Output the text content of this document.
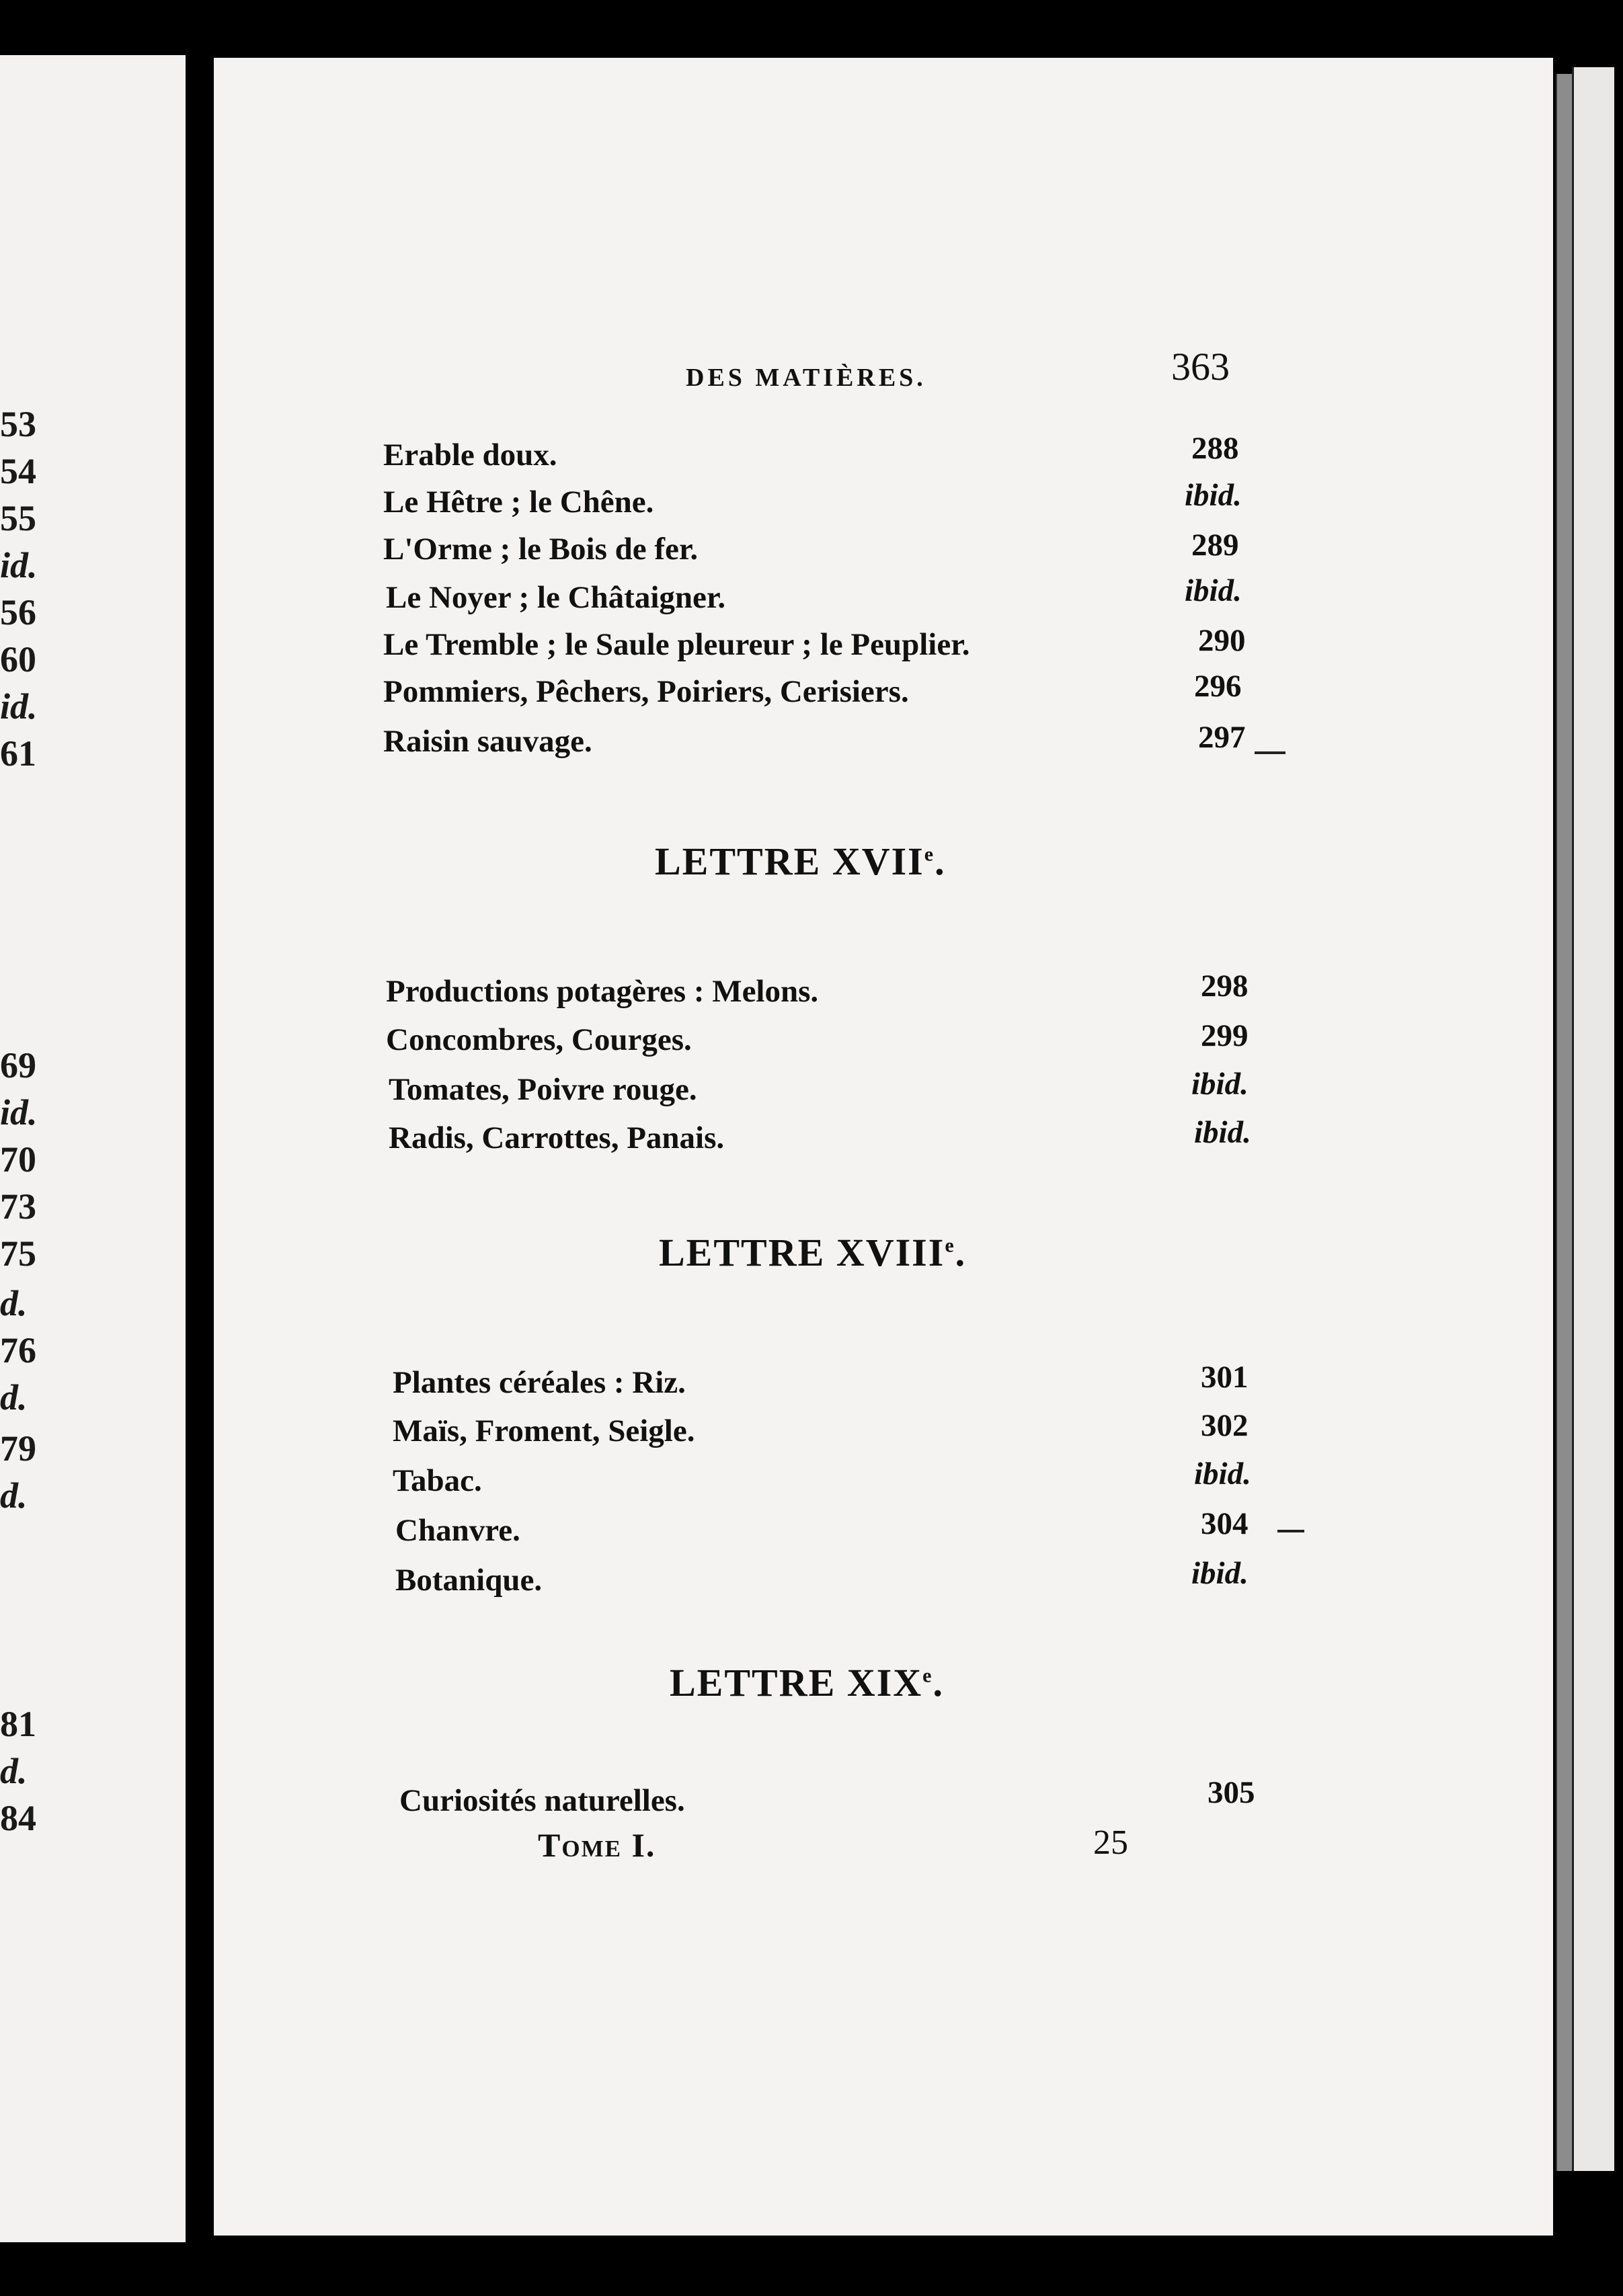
53
54
55
id.
56
60
id.
61
69
id.
70
73
75
d.
76
d.
79
d.
81
d.
84
DES MATIÈRES.	363
Erable doux.	288
Le Hêtre ; le Chêne.	ibid.
L'Orme ; le Bois de fer.	289
Le Noyer ; le Châtaigner.	ibid.
Le Tremble ; le Saule pleureur ; le Peuplier.	290
Pommiers, Pêchers, Poiriers, Cerisiers.	296
Raisin sauvage.	297
LETTRE XVIIe.
Productions potagères : Melons.	298
Concombres, Courges.	299
Tomates, Poivre rouge.	ibid.
Radis, Carrottes, Panais.	ibid.
LETTRE XVIIIe.
Plantes céréales : Riz.	301
Maïs, Froment, Seigle.	302
Tabac.	ibid.
Chanvre.	304
Botanique.	ibid.
LETTRE XIXe.
Curiosités naturelles.	305
Tome I.	25
